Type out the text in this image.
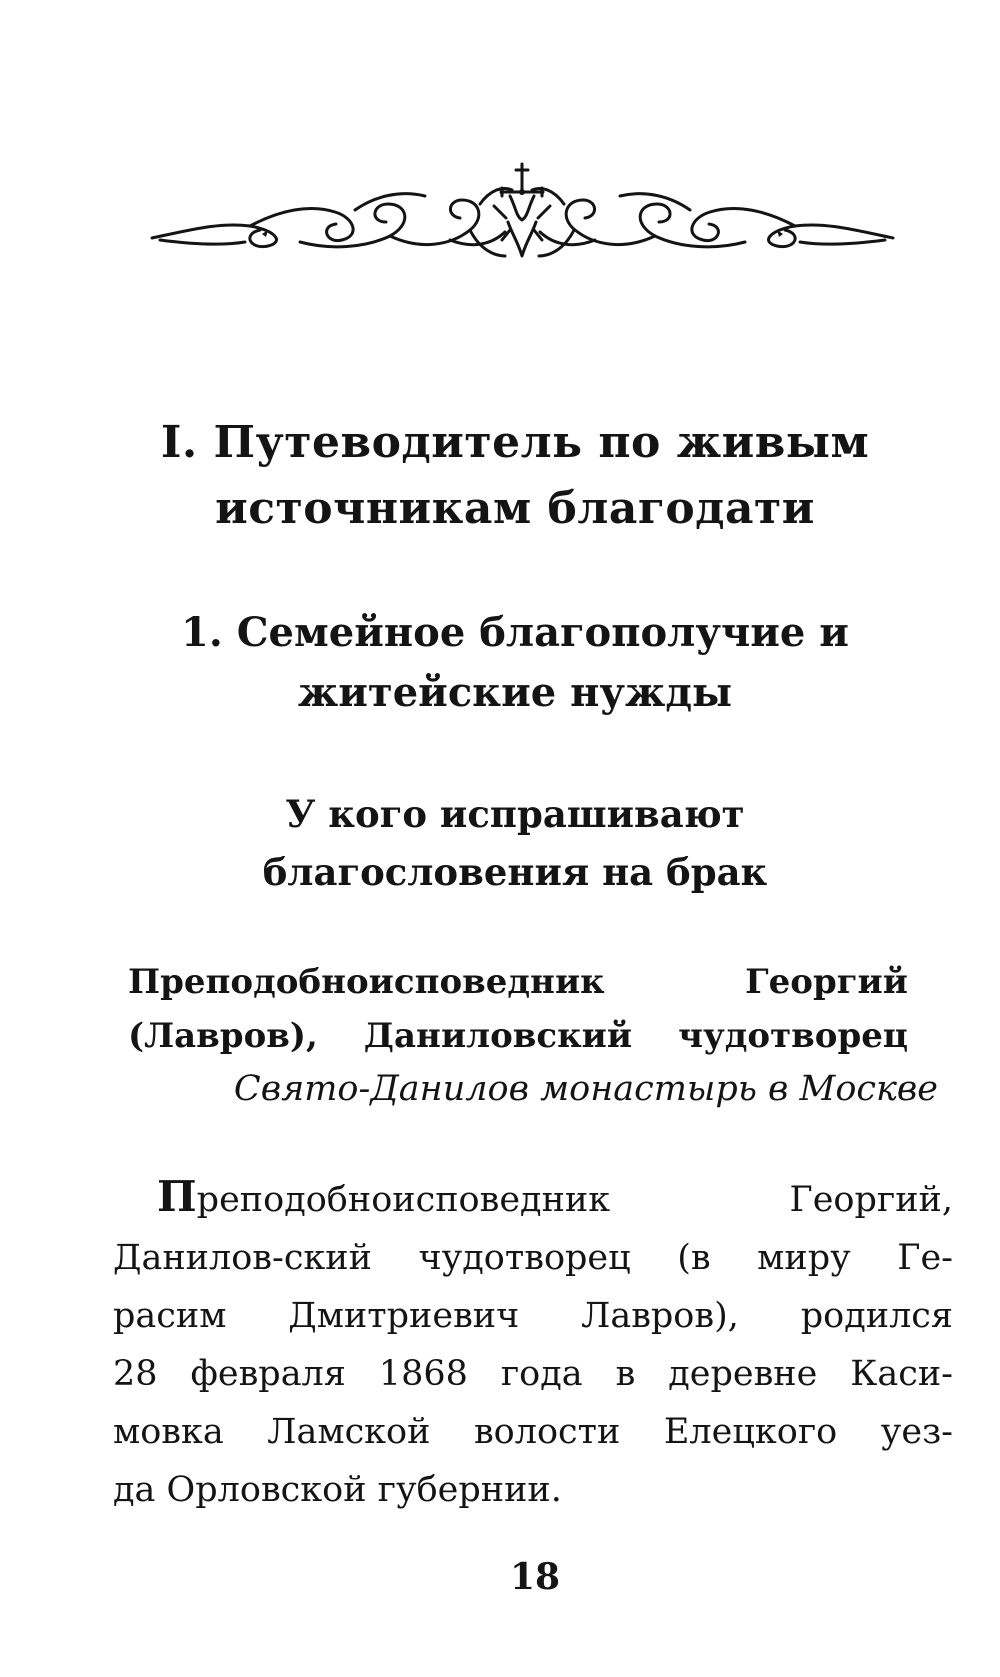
I. Путеводитель по живым
источникам благодати
1. Семейное благополучие и
житейские нужды
У кого испрашивают
благословения на брак
Преподобноисповедник Георгий
(Лавров), Даниловский чудотворец
Свято-Данилов монастырь в Москве
Преподобноисповедник Георгий,
Данилов-ский чудотворец (в миру Ге-
расим Дмитриевич Лавров), родился
28 февраля 1868 года в деревне Каси-
мовка Ламской волости Елецкого уез-
да Орловской губернии.
18
